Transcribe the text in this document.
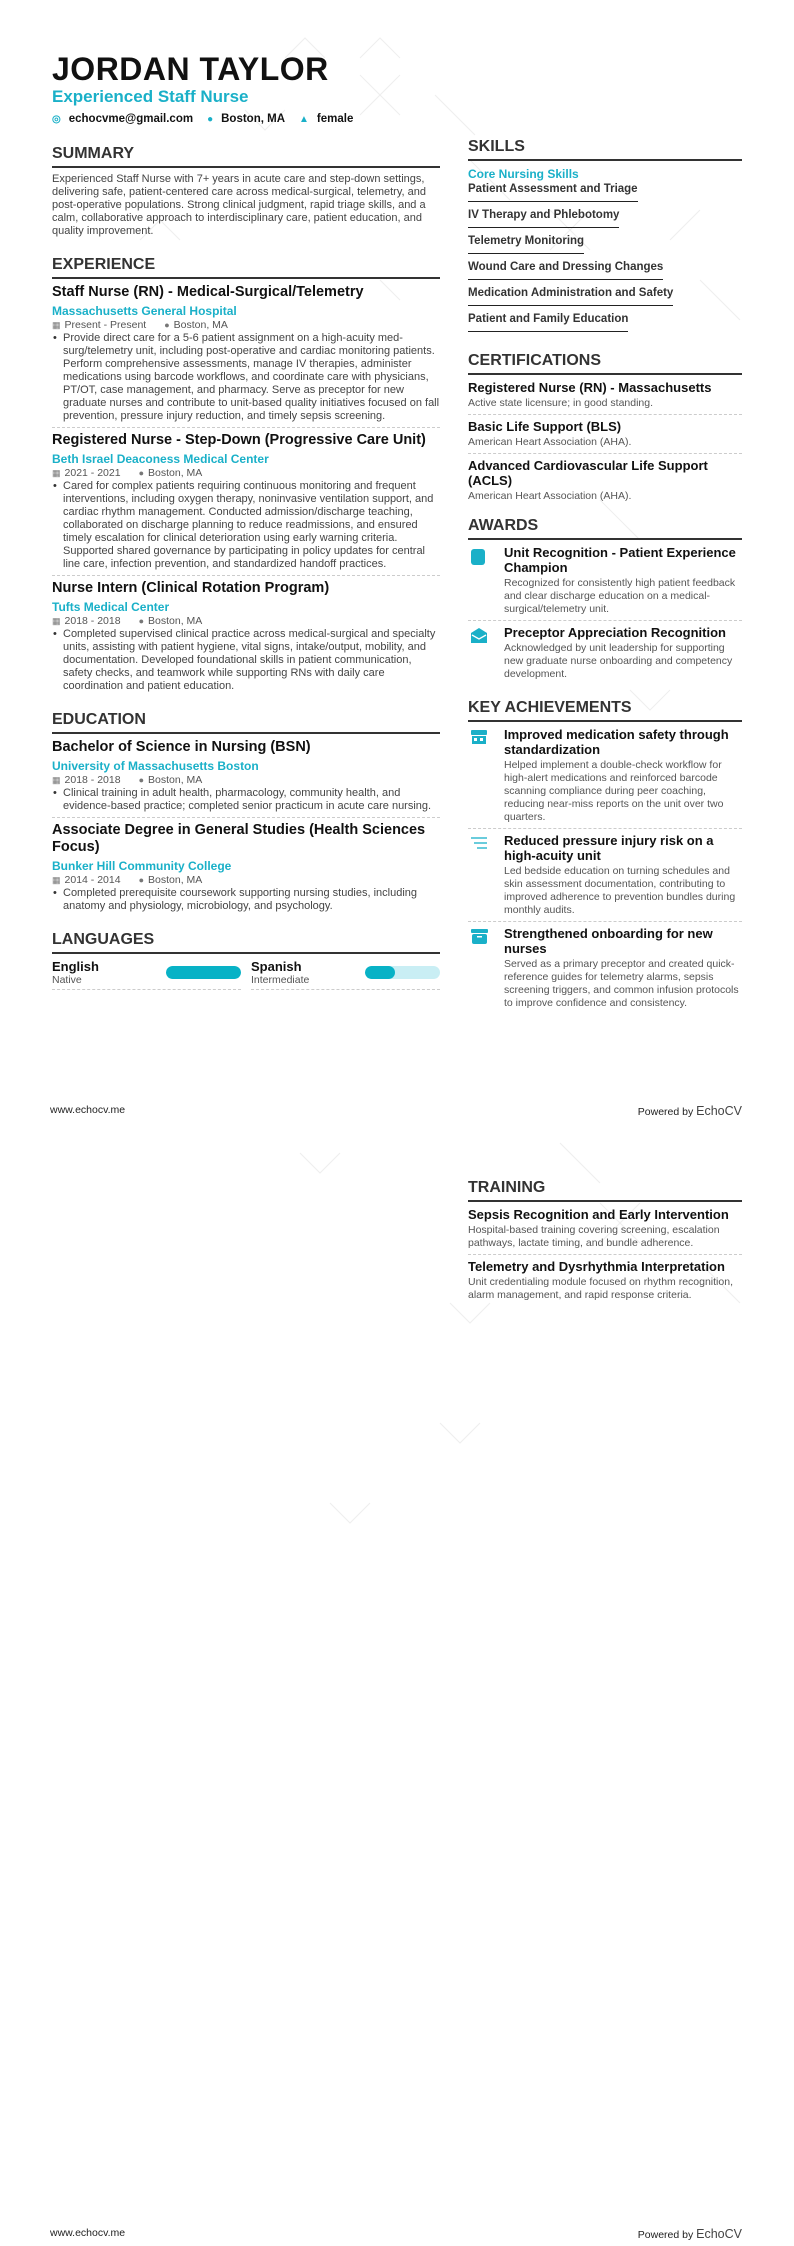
JORDAN TAYLOR
Experienced Staff Nurse
◎ echocvme@gmail.com ● Boston, MA ▲ female
SUMMARY

Experienced Staff Nurse with 7+ years in acute care and step-down settings, delivering safe, patient-centered care across medical-surgical, telemetry, and post-operative populations. Strong clinical judgment, rapid triage skills, and a calm, collaborative approach to interdisciplinary care, patient education, and quality improvement.

EXPERIENCE
Staff Nurse (RN) - Medical-Surgical/Telemetry
Massachusetts General Hospital
▦ Present - Present ● Boston, MA
• Provide direct care for a 5-6 patient assignment on a high-acuity med-surg/telemetry unit, including post-operative and cardiac monitoring patients. Perform comprehensive assessments, manage IV therapies, administer medications using barcode workflows, and coordinate care with physicians, PT/OT, case management, and pharmacy. Serve as preceptor for new graduate nurses and contribute to unit-based quality initiatives focused on fall prevention, pressure injury reduction, and timely sepsis screening.
Registered Nurse - Step-Down (Progressive Care Unit)
Beth Israel Deaconess Medical Center
▦ 2021 - 2021 ● Boston, MA
• Cared for complex patients requiring continuous monitoring and frequent interventions, including oxygen therapy, noninvasive ventilation support, and cardiac rhythm management. Conducted admission/discharge teaching, collaborated on discharge planning to reduce readmissions, and ensured timely escalation for clinical deterioration using early warning criteria. Supported shared governance by participating in policy updates for central line care, infection prevention, and standardized handoff practices.
Nurse Intern (Clinical Rotation Program)
Tufts Medical Center
▦ 2018 - 2018 ● Boston, MA
• Completed supervised clinical practice across medical-surgical and specialty units, assisting with patient hygiene, vital signs, intake/output, mobility, and documentation. Developed foundational skills in patient communication, safety checks, and teamwork while supporting RNs with daily care coordination and patient education.
EDUCATION
Bachelor of Science in Nursing (BSN)
University of Massachusetts Boston
▦ 2018 - 2018 ● Boston, MA
• Clinical training in adult health, pharmacology, community health, and evidence-based practice; completed senior practicum in acute care nursing.
Associate Degree in General Studies (Health Sciences Focus)
Bunker Hill Community College
▦ 2014 - 2014 ● Boston, MA
• Completed prerequisite coursework supporting nursing studies, including anatomy and physiology, microbiology, and psychology.
LANGUAGES
English
Native
Spanish
Intermediate
SKILLS
Core Nursing Skills
Patient Assessment and Triage
IV Therapy and Phlebotomy
Telemetry Monitoring
Wound Care and Dressing Changes
Medication Administration and Safety
Patient and Family Education
CERTIFICATIONS
Registered Nurse (RN) - Massachusetts
Active state licensure; in good standing.
Basic Life Support (BLS)
American Heart Association (AHA).
Advanced Cardiovascular Life Support (ACLS)
American Heart Association (AHA).
AWARDS
Unit Recognition - Patient Experience Champion
Recognized for consistently high patient feedback and clear discharge education on a medical-surgical/telemetry unit.
Preceptor Appreciation Recognition
Acknowledged by unit leadership for supporting new graduate nurse onboarding and competency development.
KEY ACHIEVEMENTS
Improved medication safety through standardization
Helped implement a double-check workflow for high-alert medications and reinforced barcode scanning compliance during peer coaching, reducing near-miss reports on the unit over two quarters.
Reduced pressure injury risk on a high-acuity unit
Led bedside education on turning schedules and skin assessment documentation, contributing to improved adherence to prevention bundles during monthly audits.
Strengthened onboarding for new nurses
Served as a primary preceptor and created quick-reference guides for telemetry alarms, sepsis screening triggers, and common infusion protocols to improve confidence and consistency.
www.echocv.me	Powered by EchoCV
TRAINING
Sepsis Recognition and Early Intervention
Hospital-based training covering screening, escalation pathways, lactate timing, and bundle adherence.
Telemetry and Dysrhythmia Interpretation
Unit credentialing module focused on rhythm recognition, alarm management, and rapid response criteria.
www.echocv.me	Powered by EchoCV
